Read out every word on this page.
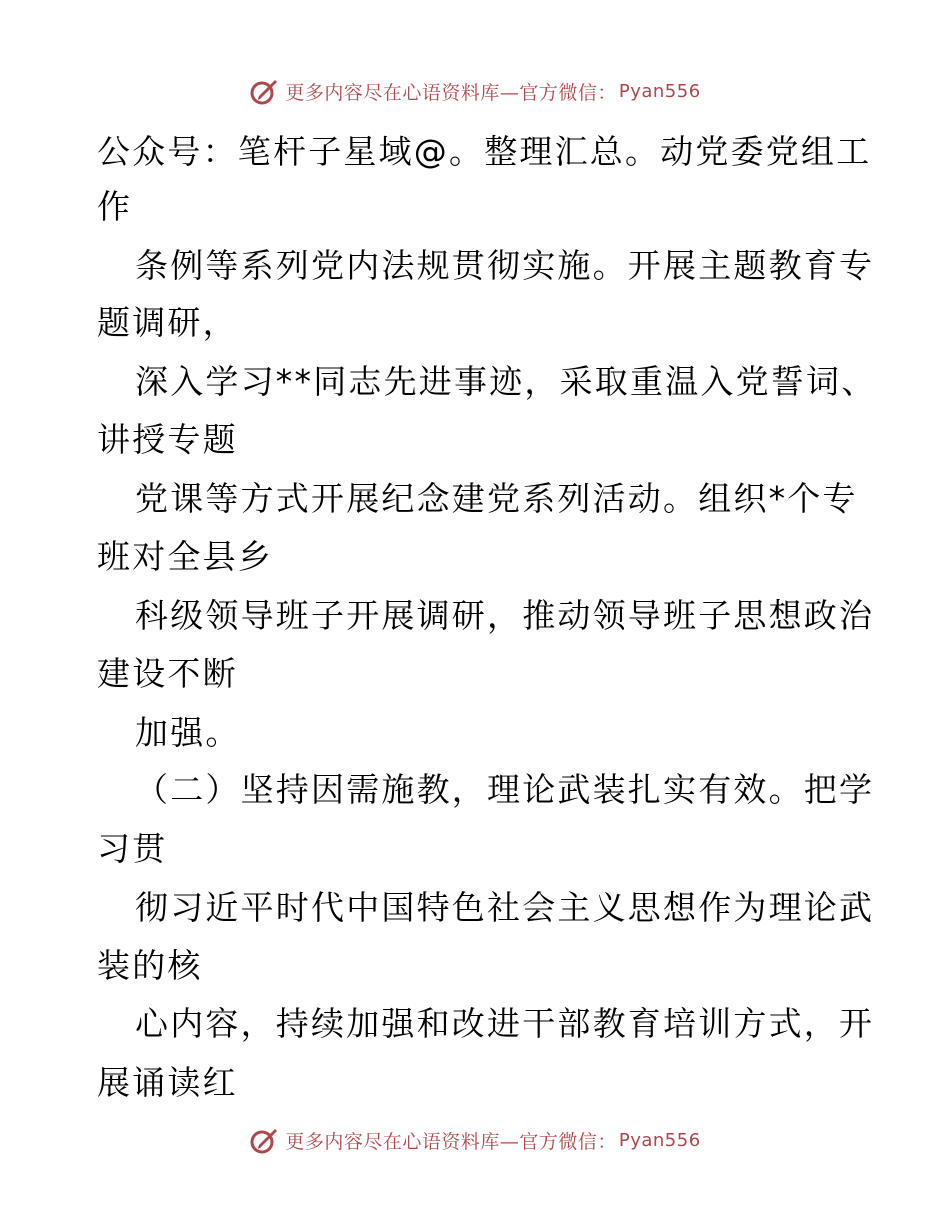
更多内容尽在心语资料库—官方微信： Pyan556
公众号：笔杆子星域@。整理汇总。动党委党组工
作
条例等系列党内法规贯彻实施。开展主题教育专
题调研，
深入学习**同志先进事迹，采取重温入党誓词、
讲授专题
党课等方式开展纪念建党系列活动。组织*个专
班对全县乡
科级领导班子开展调研，推动领导班子思想政治
建设不断
加强。
（二）坚持因需施教，理论武装扎实有效。把学
习贯
彻习近平时代中国特色社会主义思想作为理论武
装的核
心内容，持续加强和改进干部教育培训方式，开
展诵读红
更多内容尽在心语资料库—官方微信： Pyan556
